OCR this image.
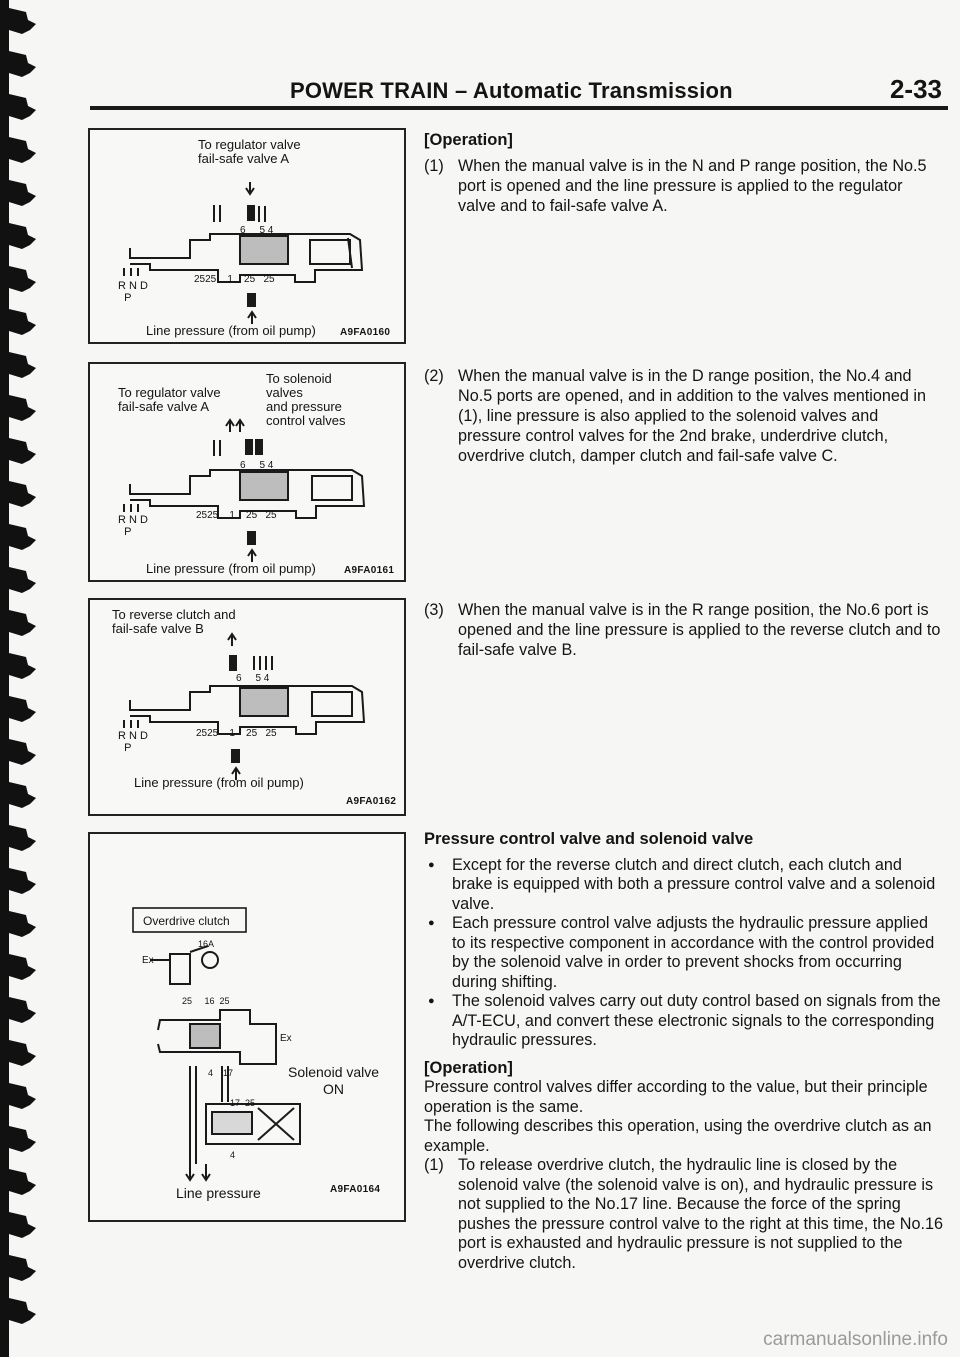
POWER TRAIN – Automatic Transmission	2-33
To regulator valve
fail-safe valve A
R N D
P
6     5 4
2525    1    25   25
Line pressure (from oil pump) A9FA0160
To regulator valve
fail-safe valve A
To solenoid
valves
and pressure
control valves
R N D
P
6     5 4
2525    1    25   25
Line pressure (from oil pump)	A9FA0161
To reverse clutch and
fail-safe valve B
R N D
P
6     5 4
2525    1    25   25
Line pressure (from oil pump)
A9FA0162
Overdrive clutch
Ex
16A
25     16  25
Ex
4    17
17  25
4
Solenoid valve
ON
Line pressure	A9FA0164

[Operation]

(1) When the manual valve is in the N and P range position, the No.5 port is opened and the line pressure is applied to the regulator valve and to fail-safe valve A.
(2) When the manual valve is in the D range position, the No.4 and No.5 ports are opened, and in addition to the valves mentioned in (1), line pressure is also applied to the solenoid valves and pressure control valves for the 2nd brake, underdrive clutch, overdrive clutch, damper clutch and fail-safe valve C.
(3) When the manual valve is in the R range position, the No.6 port is opened and the line pressure is applied to the reverse clutch and to fail-safe valve B.

Pressure control valve and solenoid valve

● Except for the reverse clutch and direct clutch, each clutch and brake is equipped with both a pressure control valve and a solenoid valve.
● Each pressure control valve adjusts the hydraulic pressure applied to its respective component in accordance with the control provided by the solenoid valve in order to prevent shocks from occurring during shifting.
● The solenoid valves carry out duty control based on signals from the A/T-ECU, and convert these electronic signals to the corresponding hydraulic pressures.

[Operation]

Pressure control valves differ according to the value, but their principle operation is the same.
The following describes this operation, using the overdrive clutch as an example.

(1) To release overdrive clutch, the hydraulic line is closed by the solenoid valve (the solenoid valve is on), and hydraulic pressure is not supplied to the No.17 line. Because the force of the spring pushes the pressure control valve to the right at this time, the No.16 port is exhausted and hydraulic pressure is not supplied to the overdrive clutch.
carmanualsonline.info
